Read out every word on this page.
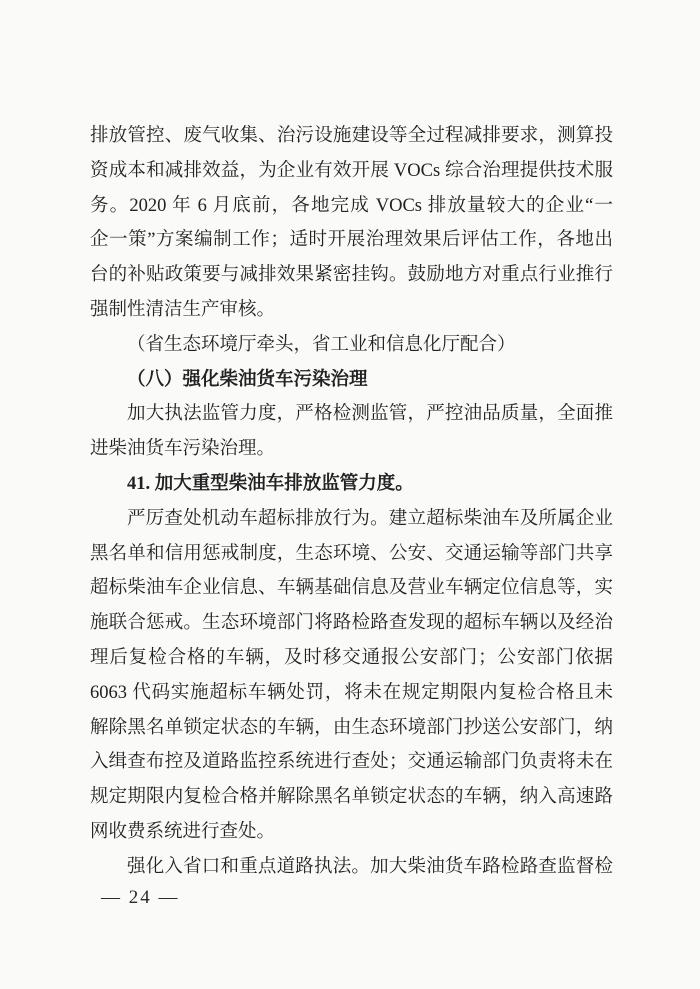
排放管控、废气收集、治污设施建设等全过程减排要求，测算投
资成本和减排效益，为企业有效开展 VOCs 综合治理提供技术服
务。2020 年 6 月底前，各地完成 VOCs 排放量较大的企业“一
企一策”方案编制工作；适时开展治理效果后评估工作，各地出
台的补贴政策要与减排效果紧密挂钩。鼓励地方对重点行业推行
强制性清洁生产审核。
（省生态环境厅牵头，省工业和信息化厅配合）
（八）强化柴油货车污染治理
加大执法监管力度，严格检测监管，严控油品质量，全面推
进柴油货车污染治理。
41. 加大重型柴油车排放监管力度。
严厉查处机动车超标排放行为。建立超标柴油车及所属企业
黑名单和信用惩戒制度，生态环境、公安、交通运输等部门共享
超标柴油车企业信息、车辆基础信息及营业车辆定位信息等，实
施联合惩戒。生态环境部门将路检路查发现的超标车辆以及经治
理后复检合格的车辆，及时移交通报公安部门；公安部门依据
6063 代码实施超标车辆处罚，将未在规定期限内复检合格且未
解除黑名单锁定状态的车辆，由生态环境部门抄送公安部门，纳
入缉查布控及道路监控系统进行查处；交通运输部门负责将未在
规定期限内复检合格并解除黑名单锁定状态的车辆，纳入高速路
网收费系统进行查处。
强化入省口和重点道路执法。加大柴油货车路检路查监督检
— 24 —
